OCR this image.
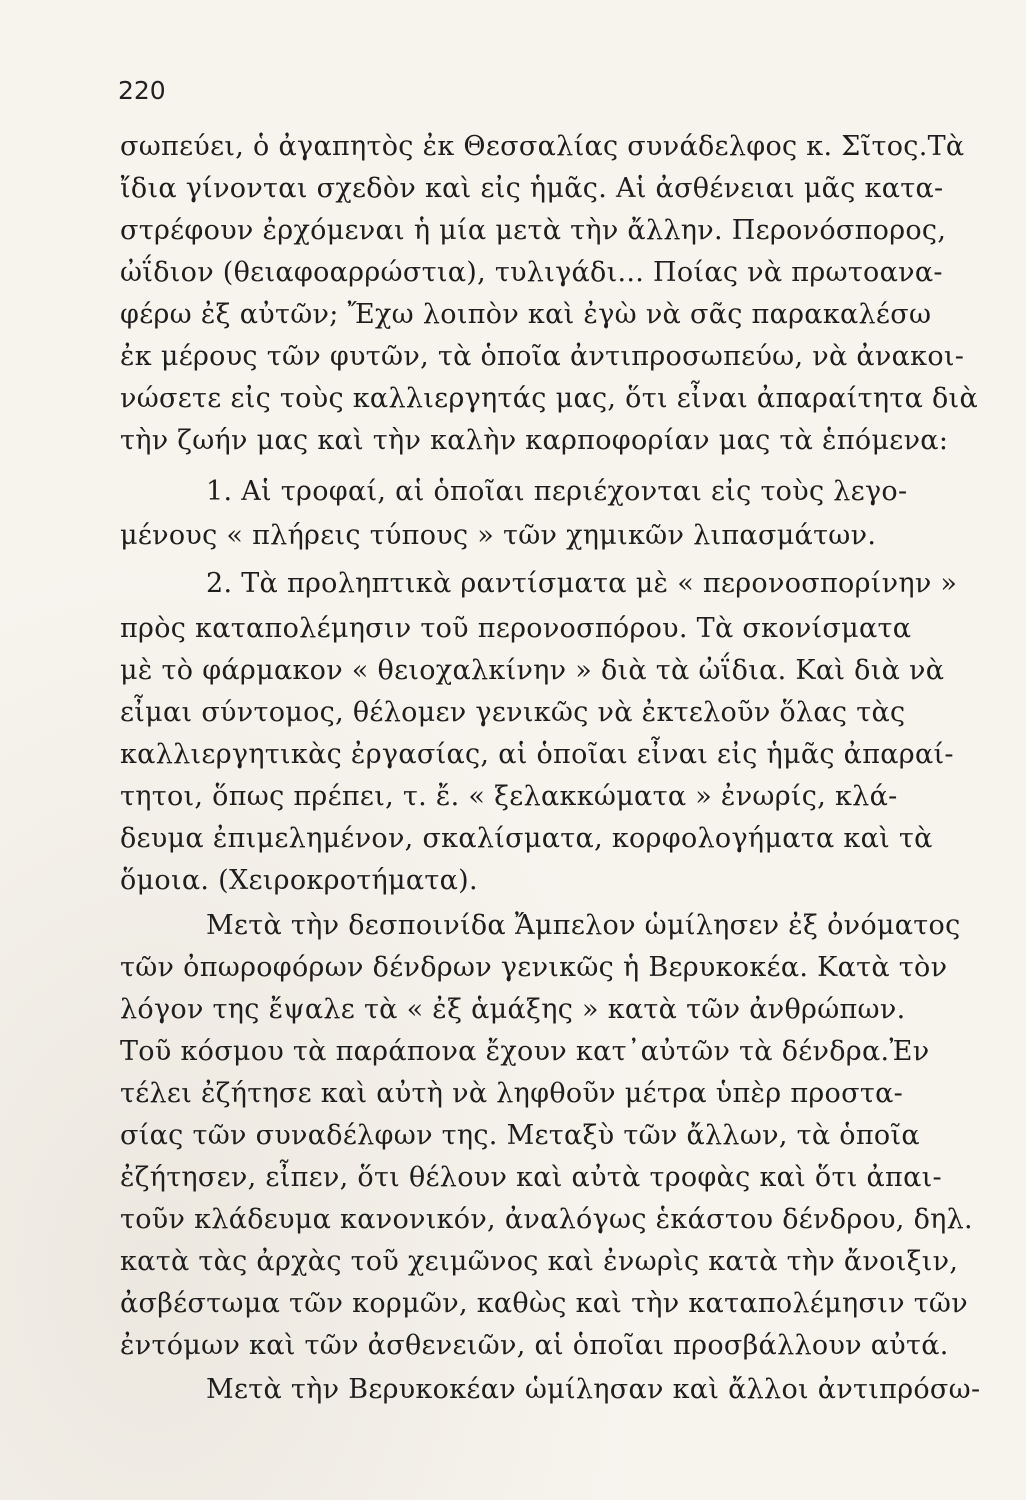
220
σωπεύει, ὁ ἀγαπητὸς ἐκ Θεσσαλίας συνάδελφος κ. Σῖτος.Τὰ
ἴδια γίνονται σχεδὸν καὶ εἰς ἡμᾶς. Αἱ ἀσθένειαι μᾶς κατα-
στρέφουν ἐρχόμεναι ἡ μία μετὰ τὴν ἄλλην. Περονόσπορος,
ὠΐδιον (θειαφοαρρώστια), τυλιγάδι... Ποίας νὰ πρωτοανα-
φέρω ἐξ αὐτῶν; Ἔχω λοιπὸν καὶ ἐγὼ νὰ σᾶς παρακαλέσω
ἐκ μέρους τῶν φυτῶν, τὰ ὁποῖα ἀντιπροσωπεύω, νὰ ἀνακοι-
νώσετε εἰς τοὺς καλλιεργητάς μας, ὅτι εἶναι ἀπαραίτητα διὰ
τὴν ζωήν μας καὶ τὴν καλὴν καρποφορίαν μας τὰ ἑπόμενα:
1. Αἱ τροφαί, αἱ ὁποῖαι περιέχονται εἰς τοὺς λεγο-
μένους « πλήρεις τύπους » τῶν χημικῶν λιπασμάτων.
2. Τὰ προληπτικὰ ραντίσματα μὲ « περονοσπορίνην »
πρὸς καταπολέμησιν τοῦ περονοσπόρου. Τὰ σκονίσματα
μὲ τὸ φάρμακον « θειοχαλκίνην » διὰ τὰ ὠΐδια. Καὶ διὰ νὰ
εἶμαι σύντομος, θέλομεν γενικῶς νὰ ἐκτελοῦν ὅλας τὰς
καλλιεργητικὰς ἐργασίας, αἱ ὁποῖαι εἶναι εἰς ἡμᾶς ἀπαραί-
τητοι, ὅπως πρέπει, τ. ἔ. « ξελακκώματα » ἐνωρίς, κλά-
δευμα ἐπιμελημένον, σκαλίσματα, κορφολογήματα καὶ τὰ
ὅμοια. (Χειροκροτήματα).
Μετὰ τὴν δεσποινίδα Ἄμπελον ὡμίλησεν ἐξ ὀνόματος
τῶν ὀπωροφόρων δένδρων γενικῶς ἡ Βερυκοκέα. Κατὰ τὸν
λόγον της ἔψαλε τὰ « ἐξ ἁμάξης » κατὰ τῶν ἀνθρώπων.
Τοῦ κόσμου τὰ παράπονα ἔχουν κατ᾽αὐτῶν τὰ δένδρα.Ἐν
τέλει ἐζήτησε καὶ αὐτὴ νὰ ληφθοῦν μέτρα ὑπὲρ προστα-
σίας τῶν συναδέλφων της. Μεταξὺ τῶν ἄλλων, τὰ ὁποῖα
ἐζήτησεν, εἶπεν, ὅτι θέλουν καὶ αὐτὰ τροφὰς καὶ ὅτι ἀπαι-
τοῦν κλάδευμα κανονικόν, ἀναλόγως ἑκάστου δένδρου, δηλ.
κατὰ τὰς ἀρχὰς τοῦ χειμῶνος καὶ ἐνωρὶς κατὰ τὴν ἄνοιξιν,
ἀσβέστωμα τῶν κορμῶν, καθὼς καὶ τὴν καταπολέμησιν τῶν
ἐντόμων καὶ τῶν ἀσθενειῶν, αἱ ὁποῖαι προσβάλλουν αὐτά.
Μετὰ τὴν Βερυκοκέαν ὡμίλησαν καὶ ἄλλοι ἀντιπρόσω-
